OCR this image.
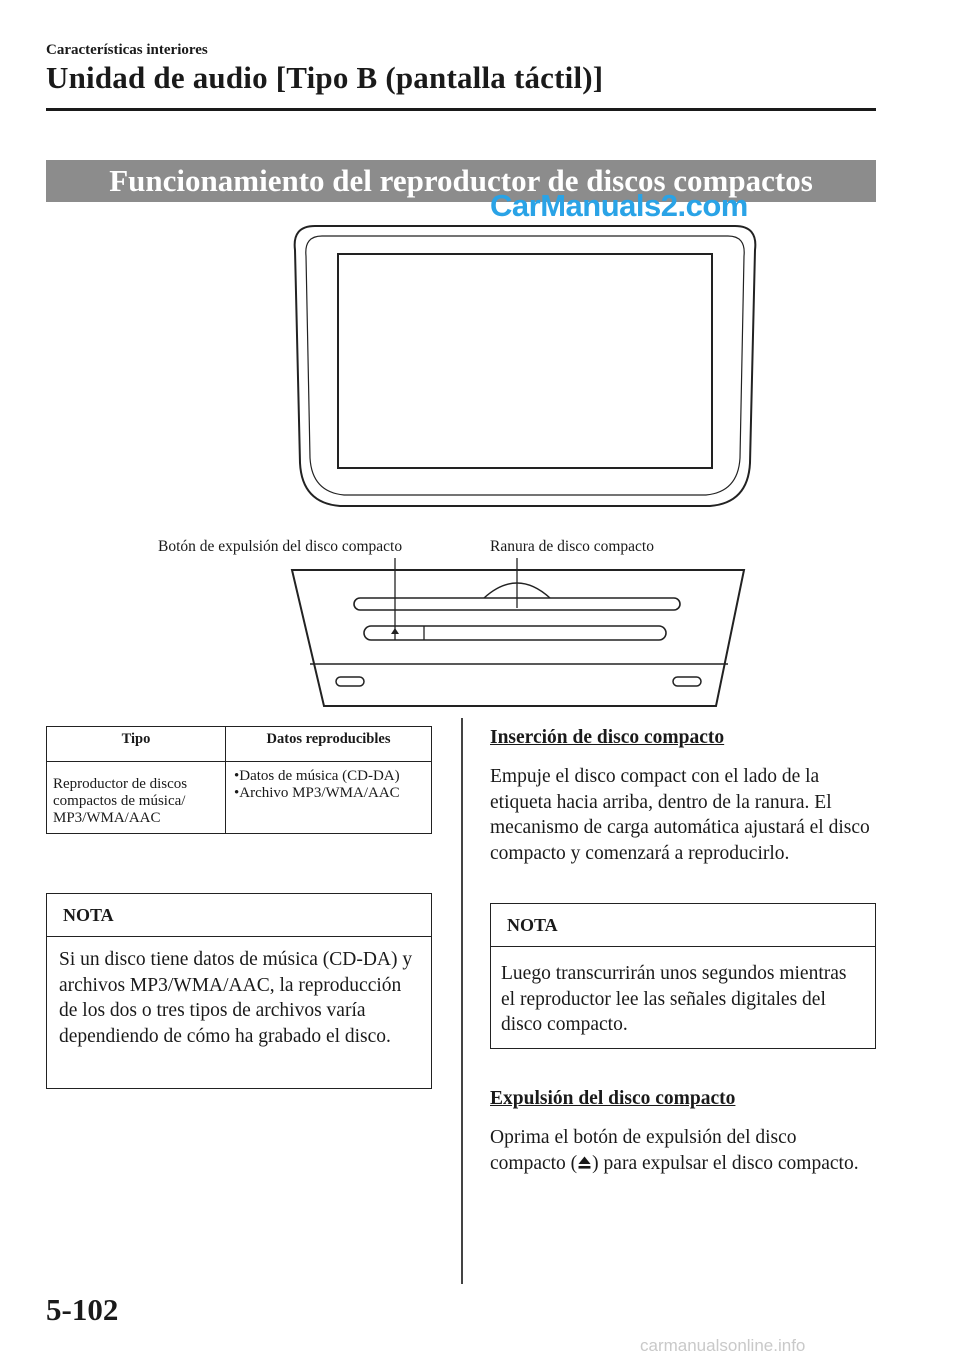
Características interiores
Unidad de audio [Tipo B (pantalla táctil)]
Funcionamiento del reproductor de discos compactos
CarManuals2.com
Botón de expulsión del disco compacto	Ranura de disco compacto
Tipo	Datos reproducibles
Reproductor de discos compactos de música/ MP3/WMA/AAC	•Datos de música (CD-DA)
•Archivo MP3/WMA/AAC
NOTA
Si un disco tiene datos de música (CD-DA) y archivos MP3/WMA/AAC, la reproducción de los dos o tres tipos de archivos varía dependiendo de cómo ha grabado el disco.
Inserción de disco compacto
Empuje el disco compact con el lado de la etiqueta hacia arriba, dentro de la ranura. El mecanismo de carga automática ajustará el disco compacto y comenzará a reproducirlo.
NOTA
Luego transcurrirán unos segundos mientras el reproductor lee las señales digitales del disco compacto.
Expulsión del disco compacto
Oprima el botón de expulsión del disco compacto ( ) para expulsar el disco compacto.
5-102
carmanualsonline.info
